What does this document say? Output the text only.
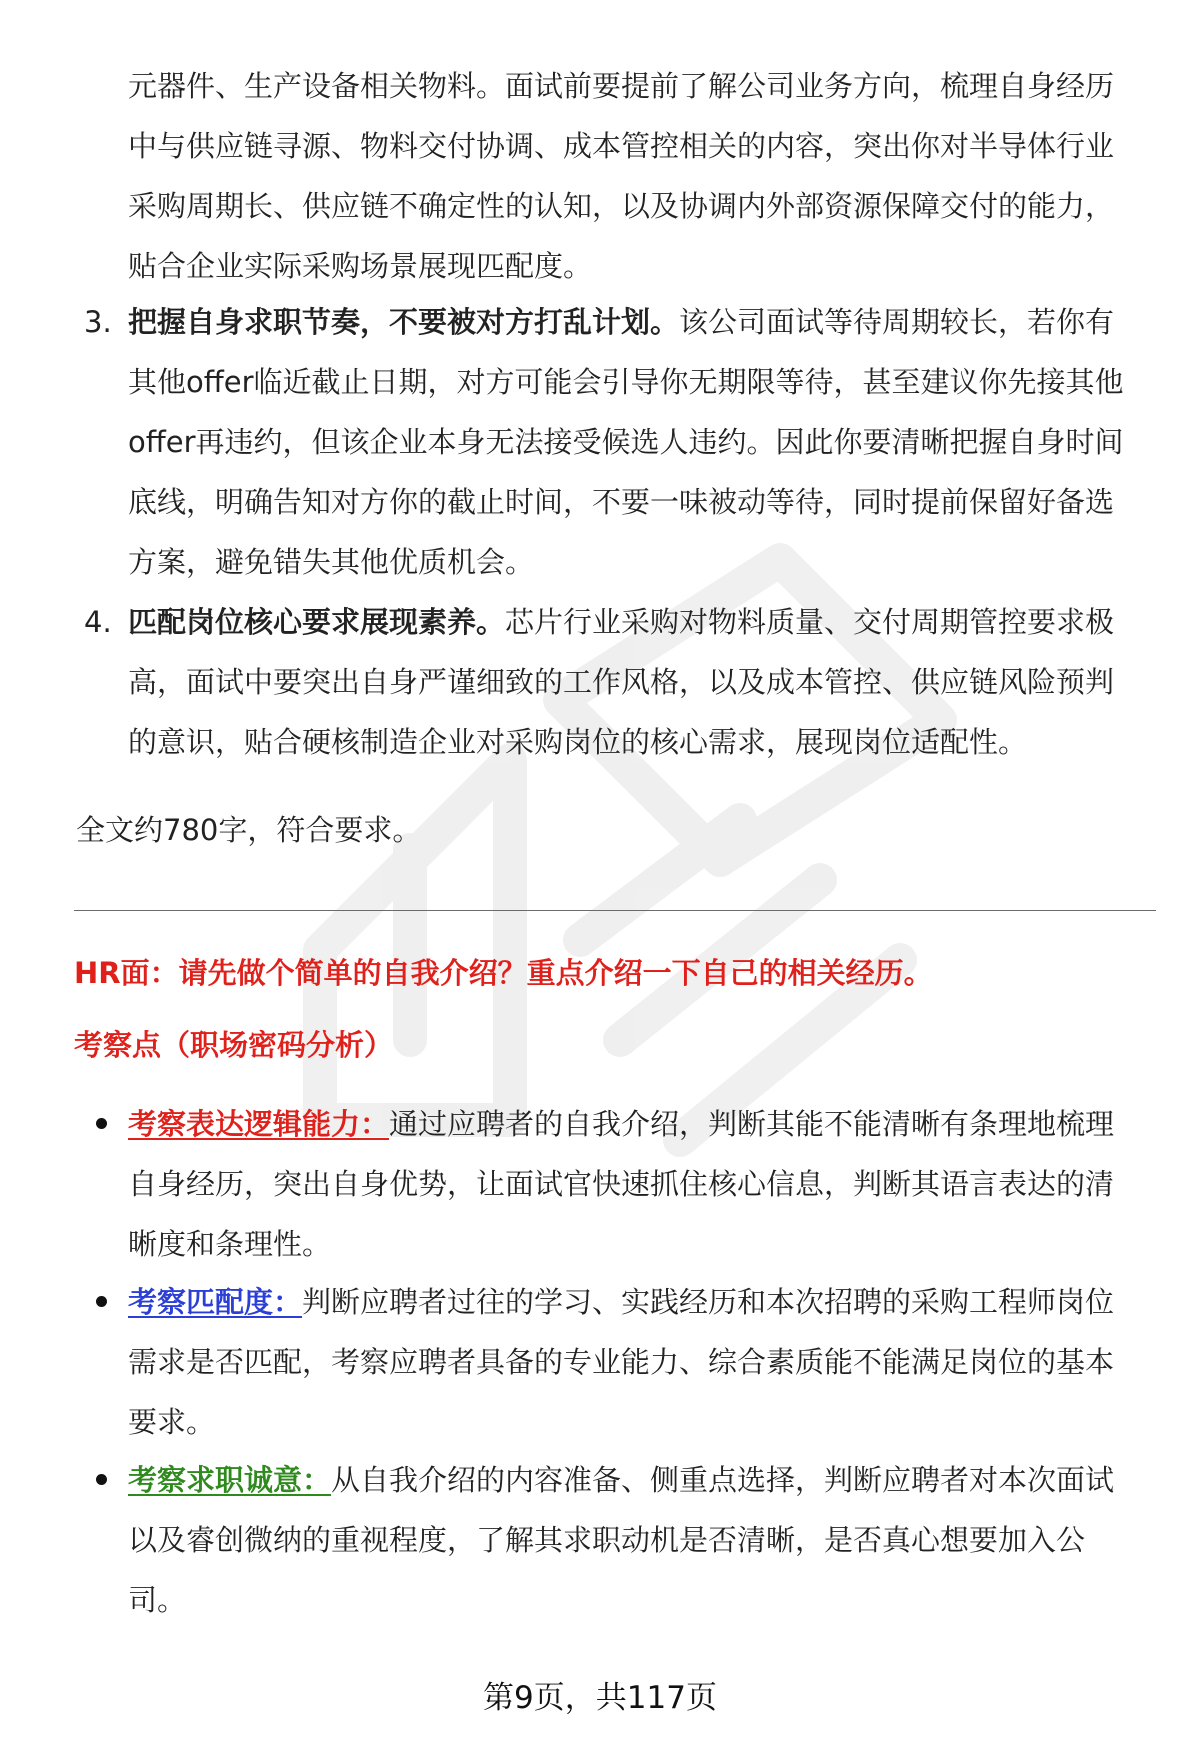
元器件、生产设备相关物料。面试前要提前了解公司业务方向，梳理自身经历
中与供应链寻源、物料交付协调、成本管控相关的内容，突出你对半导体行业
采购周期长、供应链不确定性的认知，以及协调内外部资源保障交付的能力，
贴合企业实际采购场景展现匹配度。
3. 把握自身求职节奏，不要被对方打乱计划。该公司面试等待周期较长，若你有
其他offer临近截止日期，对方可能会引导你无期限等待，甚至建议你先接其他
offer再违约，但该企业本身无法接受候选人违约。因此你要清晰把握自身时间
底线，明确告知对方你的截止时间，不要一味被动等待，同时提前保留好备选
方案，避免错失其他优质机会。
4. 匹配岗位核心要求展现素养。芯片行业采购对物料质量、交付周期管控要求极
高，面试中要突出自身严谨细致的工作风格，以及成本管控、供应链风险预判
的意识，贴合硬核制造企业对采购岗位的核心需求，展现岗位适配性。
全文约780字，符合要求。
HR面：请先做个简单的自我介绍？重点介绍一下自己的相关经历。
考察点（职场密码分析）
考察表达逻辑能力：通过应聘者的自我介绍，判断其能不能清晰有条理地梳理
自身经历，突出自身优势，让面试官快速抓住核心信息，判断其语言表达的清
晰度和条理性。
考察匹配度：判断应聘者过往的学习、实践经历和本次招聘的采购工程师岗位
需求是否匹配，考察应聘者具备的专业能力、综合素质能不能满足岗位的基本
要求。
考察求职诚意：从自我介绍的内容准备、侧重点选择，判断应聘者对本次面试
以及睿创微纳的重视程度，了解其求职动机是否清晰，是否真心想要加入公
司。
第9页，共117页
